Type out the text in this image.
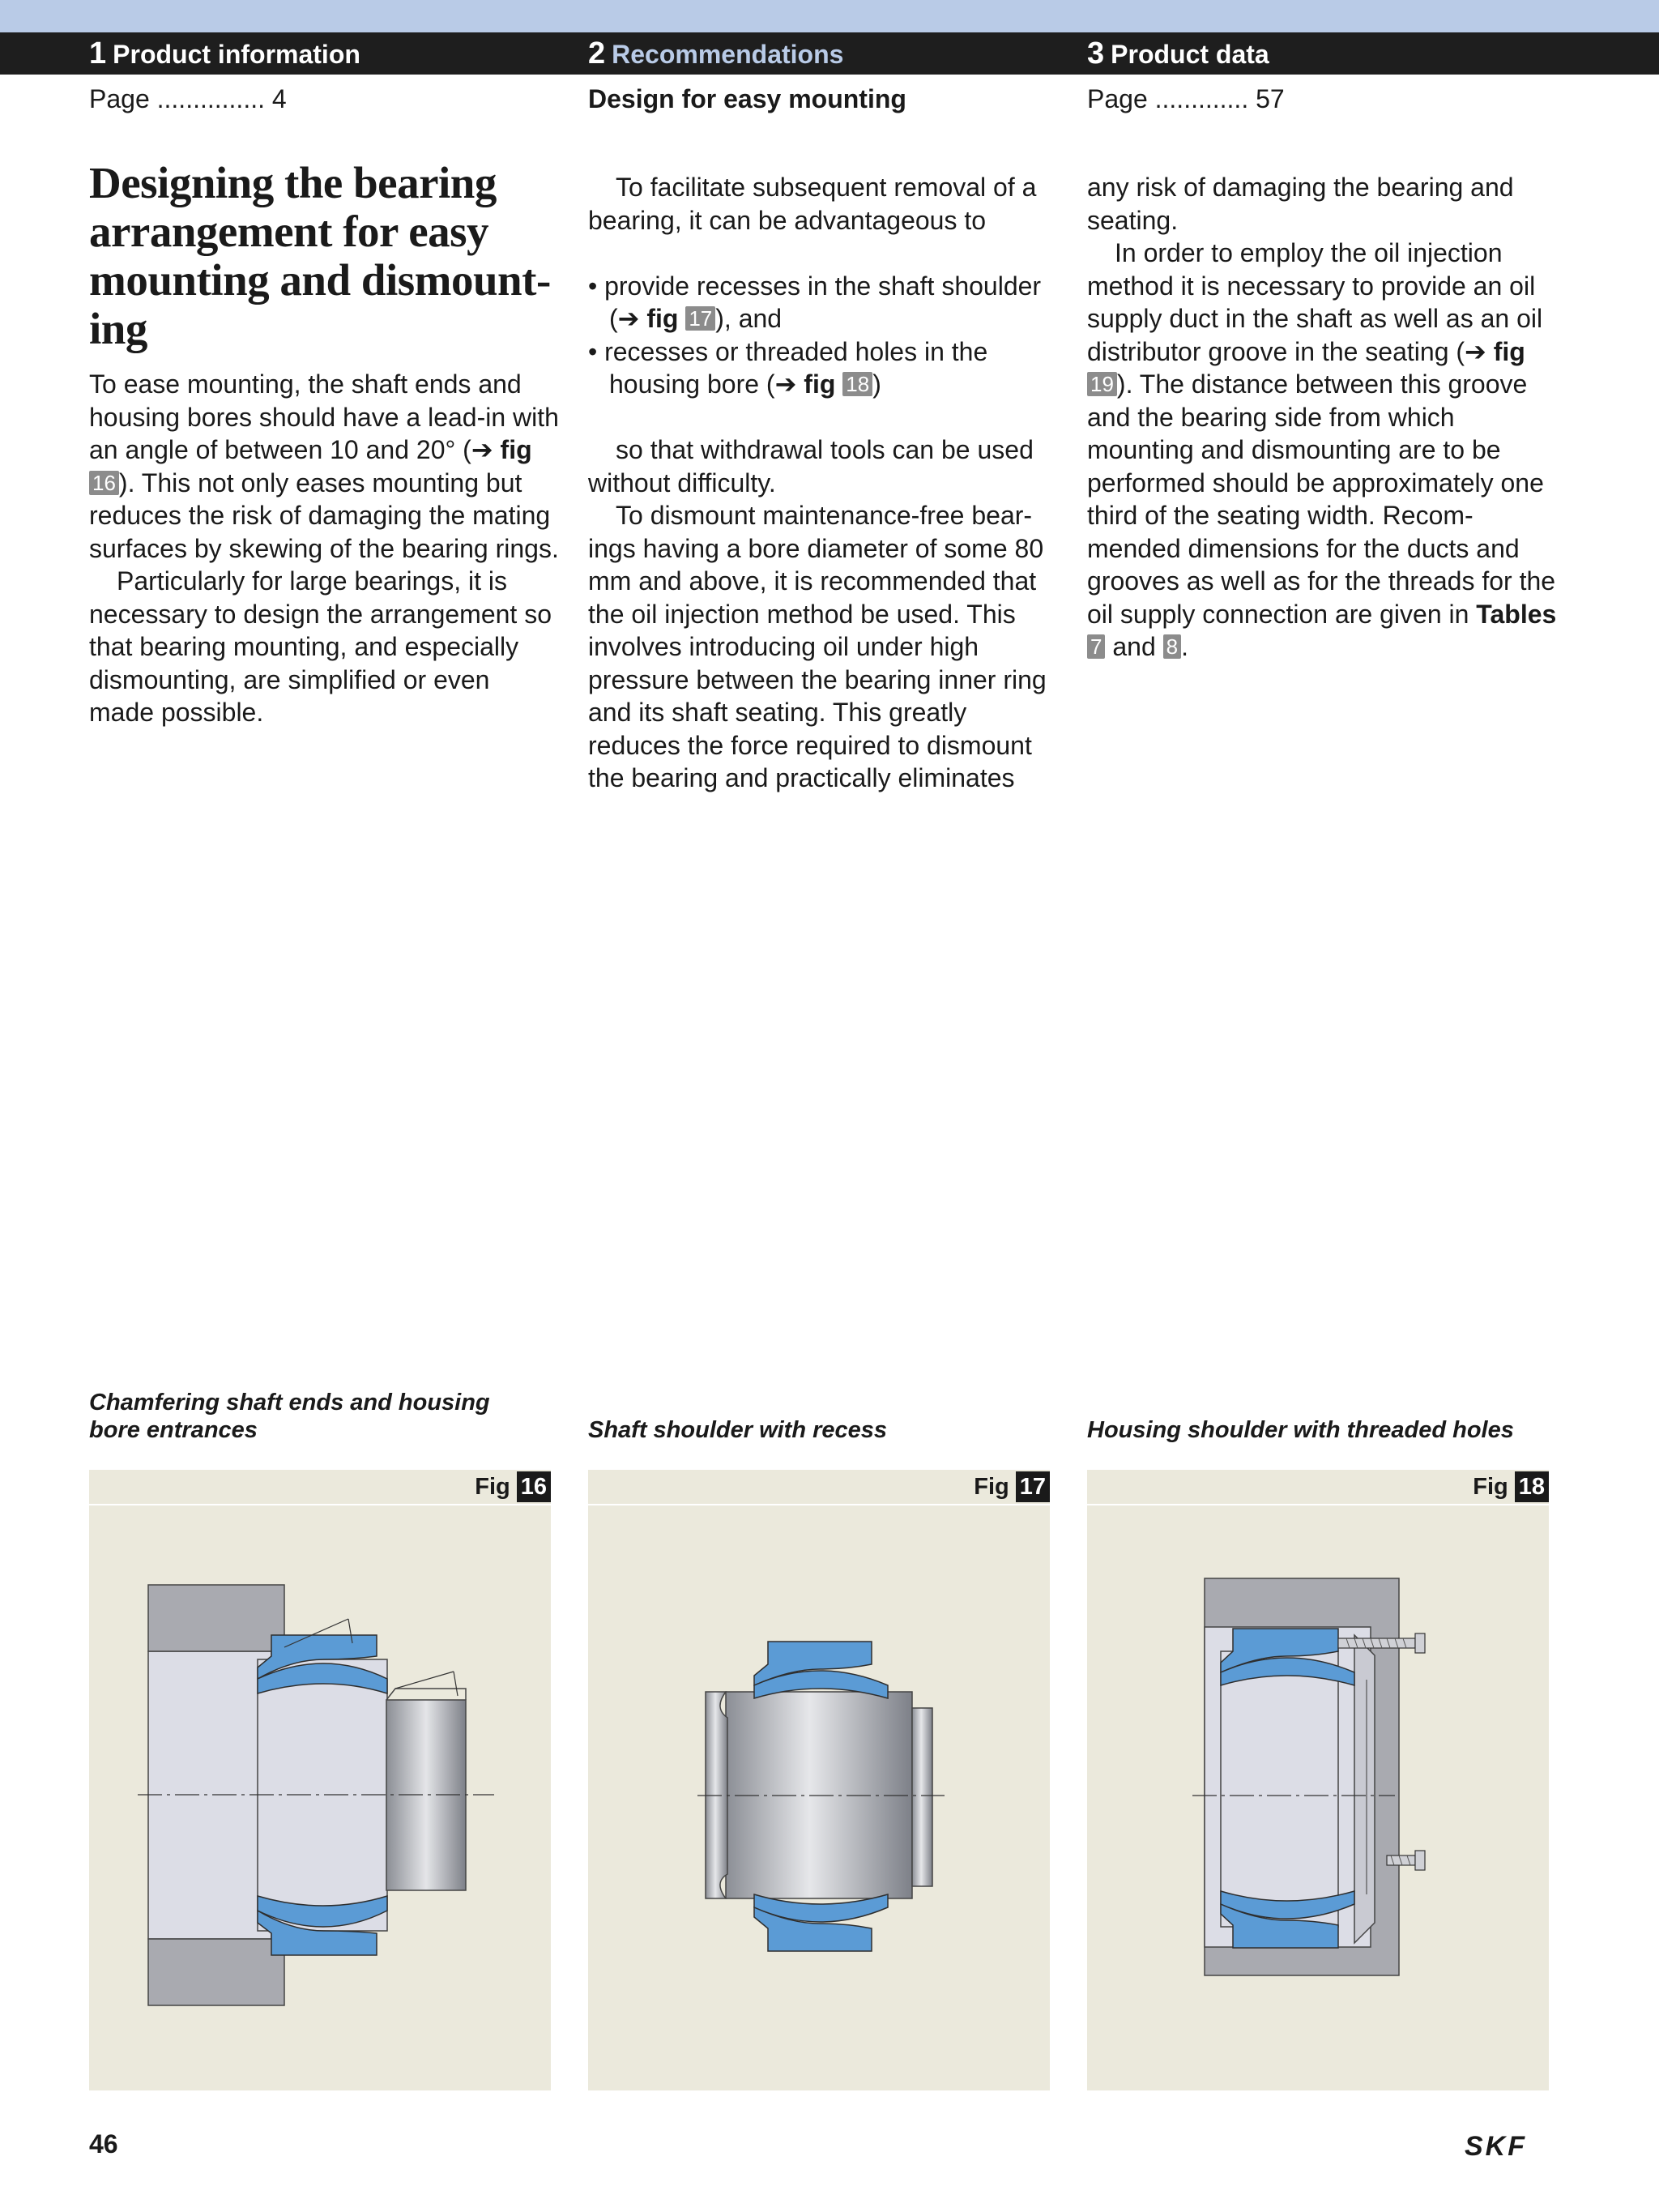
1 Product information	2 Recommendations	3 Product data
Page ............... 4	Design for easy mounting	Page ............. 57
Designing the bearing arrangement for easy mounting and dismounting

To ease mounting, the shaft ends and housing bores should have a lead-in with an angle of between 10 and 20° (➔ fig 16 ). This not only eases mounting but reduces the risk of damaging the mating surfaces by skewing of the bearing rings.

Particularly for large bearings, it is necessary to design the arrangement so that bearing mounting, and especially dismounting, are simplified or even made possible.

To facilitate subsequent removal of a bearing, it can be advantageous to

• provide recesses in the shaft shoulder (➔ fig 17 ), and

• recesses or threaded holes in the housing bore (➔ fig 18 )

so that withdrawal tools can be used without difficulty.

To dismount maintenance-free bearings having a bore diameter of some 80 mm and above, it is recommended that the oil injection method be used. This involves introducing oil under high pressure between the bearing inner ring and its shaft seating. This greatly reduces the force required to dismount the bearing and practically eliminates

any risk of damaging the bearing and seating.

In order to employ the oil injection method it is necessary to provide an oil supply duct in the shaft as well as an oil distributor groove in the seating (➔ fig 19 ). The distance between this groove and the bearing side from which mounting and dismounting are to be performed should be approximately one third of the seating width. Recommended dimensions for the ducts and grooves as well as for the threads for the oil supply connection are given in Tables 7 and 8 .

Chamfering shaft ends and housing bore entrances	Shaft shoulder with recess	Housing shoulder with threaded holes
Fig 16	Fig 17	Fig 18
46	SKF
